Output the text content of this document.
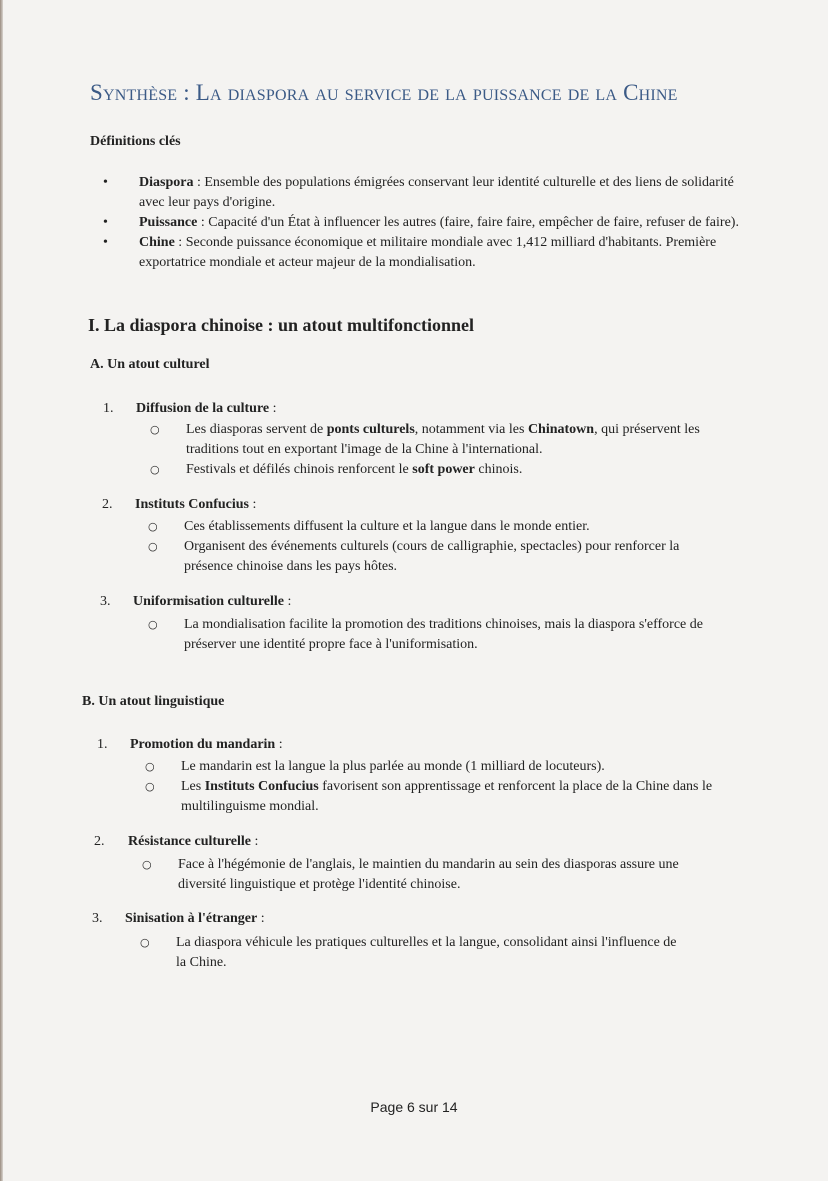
Synthèse : La diaspora au service de la puissance de la Chine
Définitions clés
• Diaspora : Ensemble des populations émigrées conservant leur identité culturelle et des liens de solidarité avec leur pays d'origine.
• Puissance : Capacité d'un État à influencer les autres (faire, faire faire, empêcher de faire, refuser de faire).
• Chine : Seconde puissance économique et militaire mondiale avec 1,412 milliard d'habitants. Première exportatrice mondiale et acteur majeur de la mondialisation.
I. La diaspora chinoise : un atout multifonctionnel
A. Un atout culturel
1. Diffusion de la culture :
○ Les diasporas servent de ponts culturels, notamment via les Chinatown, qui préservent les traditions tout en exportant l'image de la Chine à l'international.
○ Festivals et défilés chinois renforcent le soft power chinois.
2. Instituts Confucius :
○ Ces établissements diffusent la culture et la langue dans le monde entier.
○ Organisent des événements culturels (cours de calligraphie, spectacles) pour renforcer la présence chinoise dans les pays hôtes.
3. Uniformisation culturelle :
○ La mondialisation facilite la promotion des traditions chinoises, mais la diaspora s'efforce de préserver une identité propre face à l'uniformisation.
B. Un atout linguistique
1. Promotion du mandarin :
○ Le mandarin est la langue la plus parlée au monde (1 milliard de locuteurs).
○ Les Instituts Confucius favorisent son apprentissage et renforcent la place de la Chine dans le multilinguisme mondial.
2. Résistance culturelle :
○ Face à l'hégémonie de l'anglais, le maintien du mandarin au sein des diasporas assure une diversité linguistique et protège l'identité chinoise.
3. Sinisation à l'étranger :
○ La diaspora véhicule les pratiques culturelles et la langue, consolidant ainsi l'influence de la Chine.
Page 6 sur 14
